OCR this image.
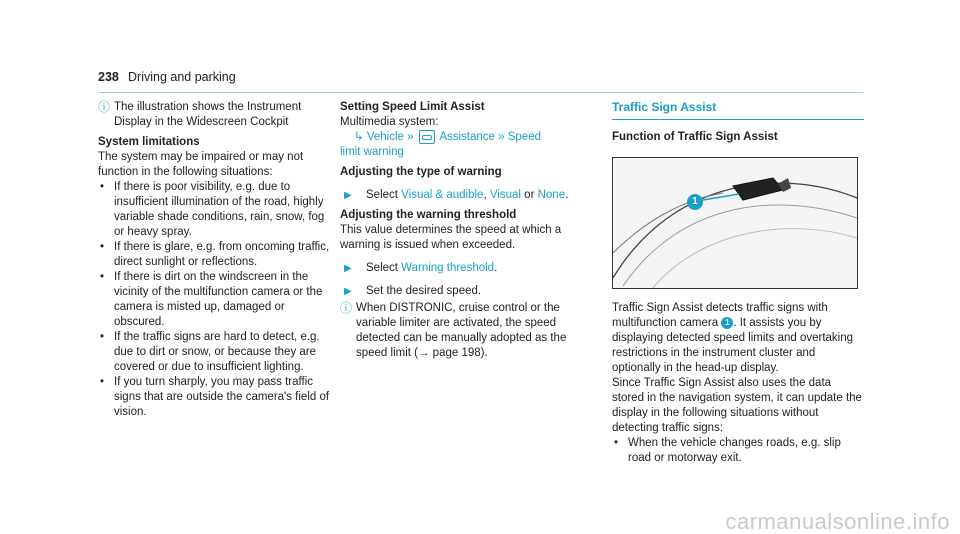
238 Driving and parking
ⓘ The illustration shows the Instrument Display in the Widescreen Cockpit

System limitations

The system may be impaired or may not function in the following situations:

• If there is poor visibility, e.g. due to insufficient illumination of the road, highly variable shade conditions, rain, snow, fog or heavy spray.
• If there is glare, e.g. from oncoming traffic, direct sunlight or reflections.
• If there is dirt on the windscreen in the vicinity of the multifunction camera or the camera is misted up, damaged or obscured.
• If the traffic signs are hard to detect, e.g. due to dirt or snow, or because they are covered or due to insufficient lighting.
• If you turn sharply, you may pass traffic signs that are outside the camera's field of vision.

Setting Speed Limit Assist

Multimedia system:

↳ Vehicle » Assistance » Speed

limit warning

Adjusting the type of warning

▶	Select Visual & audible, Visual or None.

Adjusting the warning threshold

This value determines the speed at which a warning is issued when exceeded.

▶	Select Warning threshold.

▶	Set the desired speed.

ⓘ When DISTRONIC, cruise control or the variable limiter are activated, the speed detected can be manually adopted as the speed limit (→ page 198).

Traffic Sign Assist

Function of Traffic Sign Assist

1

Traffic Sign Assist detects traffic signs with multifunction camera 1 . It assists you by displaying detected speed limits and overtaking restrictions in the instrument cluster and optionally in the head-up display.

Since Traffic Sign Assist also uses the data stored in the navigation system, it can update the display in the following situations without detecting traffic signs:

• When the vehicle changes roads, e.g. slip road or motorway exit.
carmanualsonline.info
